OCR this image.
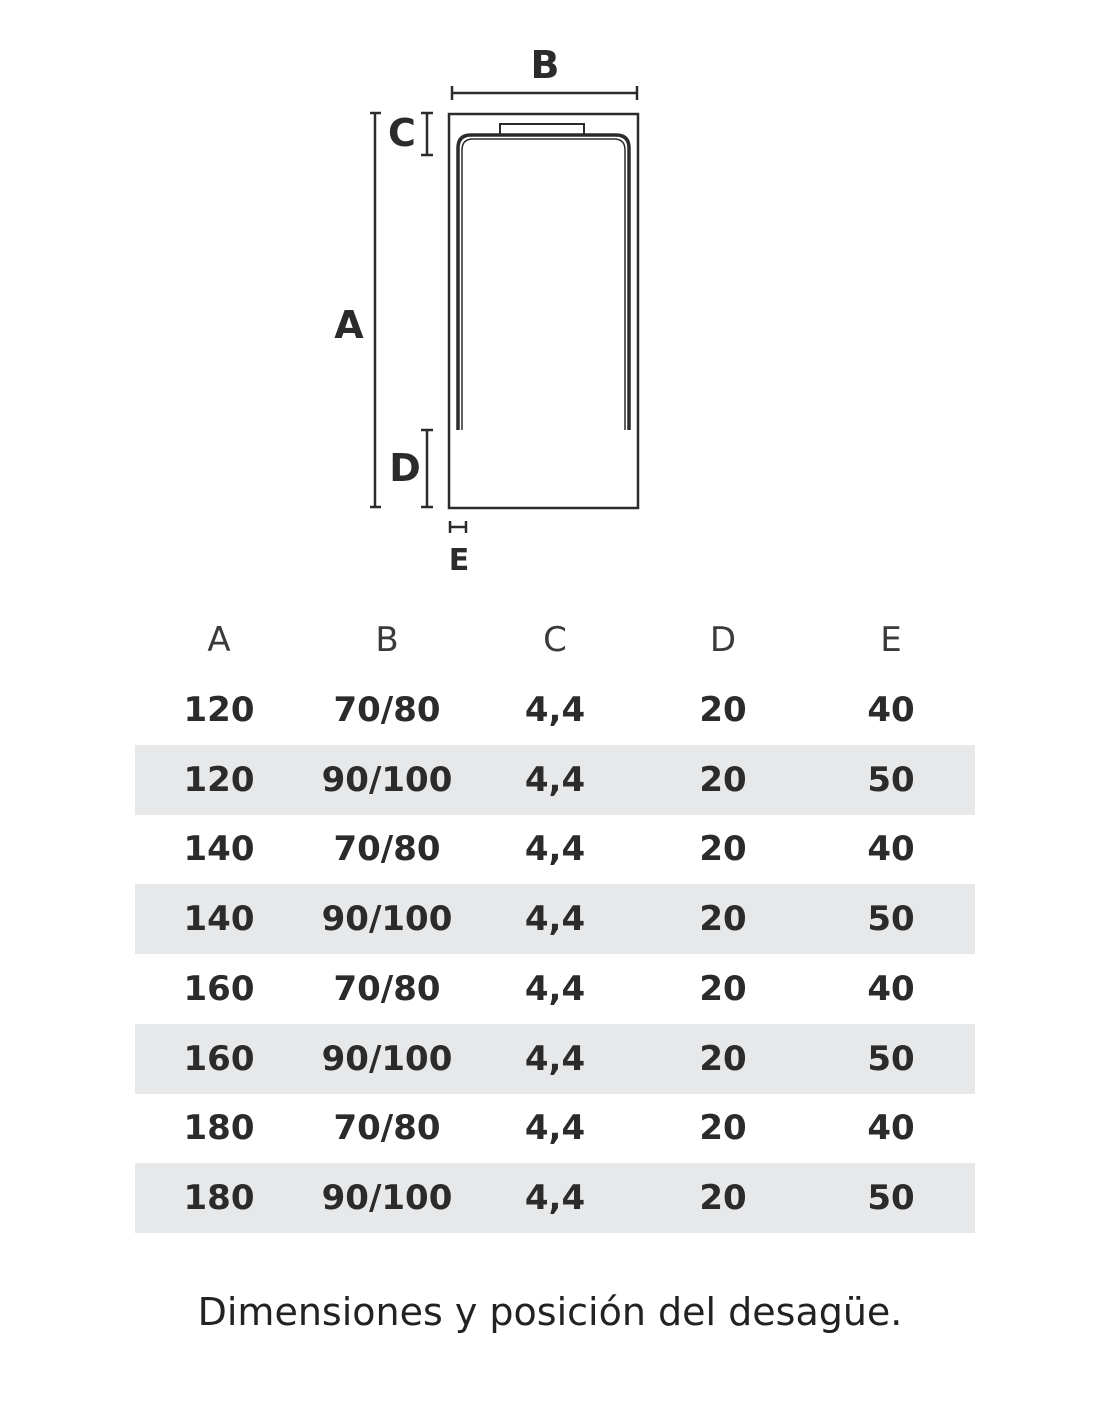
B
A
C
D
E
A	B	C	D	E
120	70/80	4,4	20	40
120	90/100	4,4	20	50
140	70/80	4,4	20	40
140	90/100	4,4	20	50
160	70/80	4,4	20	40
160	90/100	4,4	20	50
180	70/80	4,4	20	40
180	90/100	4,4	20	50
Dimensiones y posición del desagüe.
